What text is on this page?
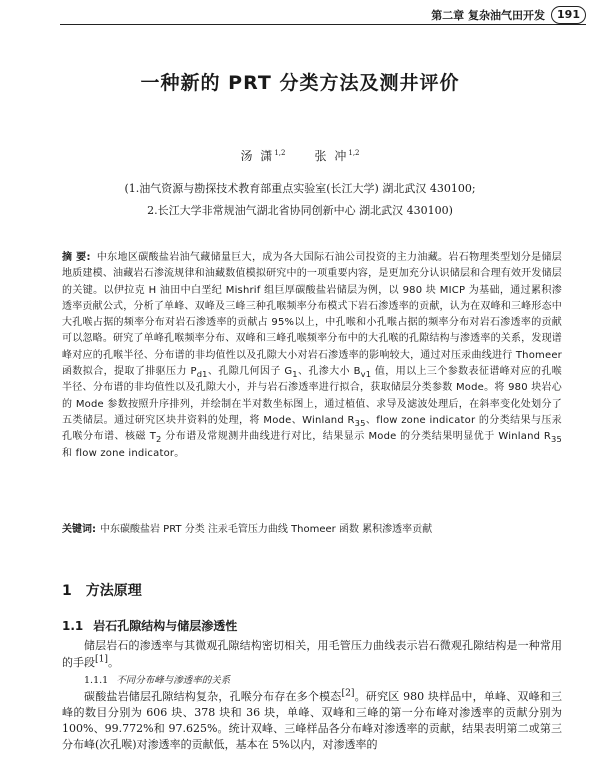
第二章 复杂油气田开发	191
一种新的 PRT 分类方法及测井评价
汤 潇$^{1,2}$ 张 冲$^{1,2}$
(1.油气资源与勘探技术教育部重点实验室(长江大学) 湖北武汉 430100;
2.长江大学非常规油气湖北省协同创新中心 湖北武汉 430100)
摘 要: 中东地区碳酸盐岩油气藏储量巨大，成为各大国际石油公司投资的主力油藏。岩石物理类型划分是储层地质建模、油藏岩石渗流规律和油藏数值模拟研究中的一项重要内容，是更加充分认识储层和合理有效开发储层的关键。以伊拉克 H 油田中白垩纪 Mishrif 组巨厚碳酸盐岩储层为例，以 980 块 MICP 为基础，通过累积渗透率贡献公式，分析了单峰、双峰及三峰三种孔喉频率分布模式下岩石渗透率的贡献，认为在双峰和三峰形态中大孔喉占据的频率分布对岩石渗透率的贡献占 95%以上，中孔喉和小孔喉占据的频率分布对岩石渗透率的贡献可以忽略。研究了单峰孔喉频率分布、双峰和三峰孔喉频率分布中的大孔喉的孔隙结构与渗透率的关系，发现谱峰对应的孔喉半径、分布谱的非均值性以及孔隙大小对岩石渗透率的影响较大，通过对压汞曲线进行 Thomeer 函数拟合，提取了排驱压力 $P_{d1}$、孔隙几何因子 $G_1$、孔渗大小 $B_{v1}$ 值，用以上三个参数表征谱峰对应的孔喉半径、分布谱的非均值性以及孔隙大小，并与岩石渗透率进行拟合，获取储层分类参数 Mode。将 980 块岩心的 Mode 参数按照升序排列，并绘制在半对数坐标图上，通过植值、求导及滤波处理后，在斜率变化处划分了五类储层。通过研究区块井资料的处理，将 Mode、Winland $R_{35}$、flow zone indicator 的分类结果与压汞孔喉分布谱、核磁 $T_2$ 分布谱及常规测井曲线进行对比，结果显示 Mode 的分类结果明显优于 Winland $R_{35}$ 和 flow zone indicator。
关键词: 中东碳酸盐岩 PRT 分类 注汞毛管压力曲线 Thomeer 函数 累积渗透率贡献
1 方法原理
1.1 岩石孔隙结构与储层渗透性
储层岩石的渗透率与其微观孔隙结构密切相关，用毛管压力曲线表示岩石微观孔隙结构是一种常用的手段[1]。
1.1.1 不同分布峰与渗透率的关系
碳酸盐岩储层孔隙结构复杂，孔喉分布存在多个模态[2]。研究区 980 块样品中，单峰、双峰和三峰的数目分别为 606 块、378 块和 36 块，单峰、双峰和三峰的第一分布峰对渗透率的贡献分别为 100%、99.772%和 97.625%。统计双峰、三峰样品各分布峰对渗透率的贡献，结果表明第二或第三分布峰(次孔喉)对渗透率的贡献低，基本在 5%以内，对渗透率的
